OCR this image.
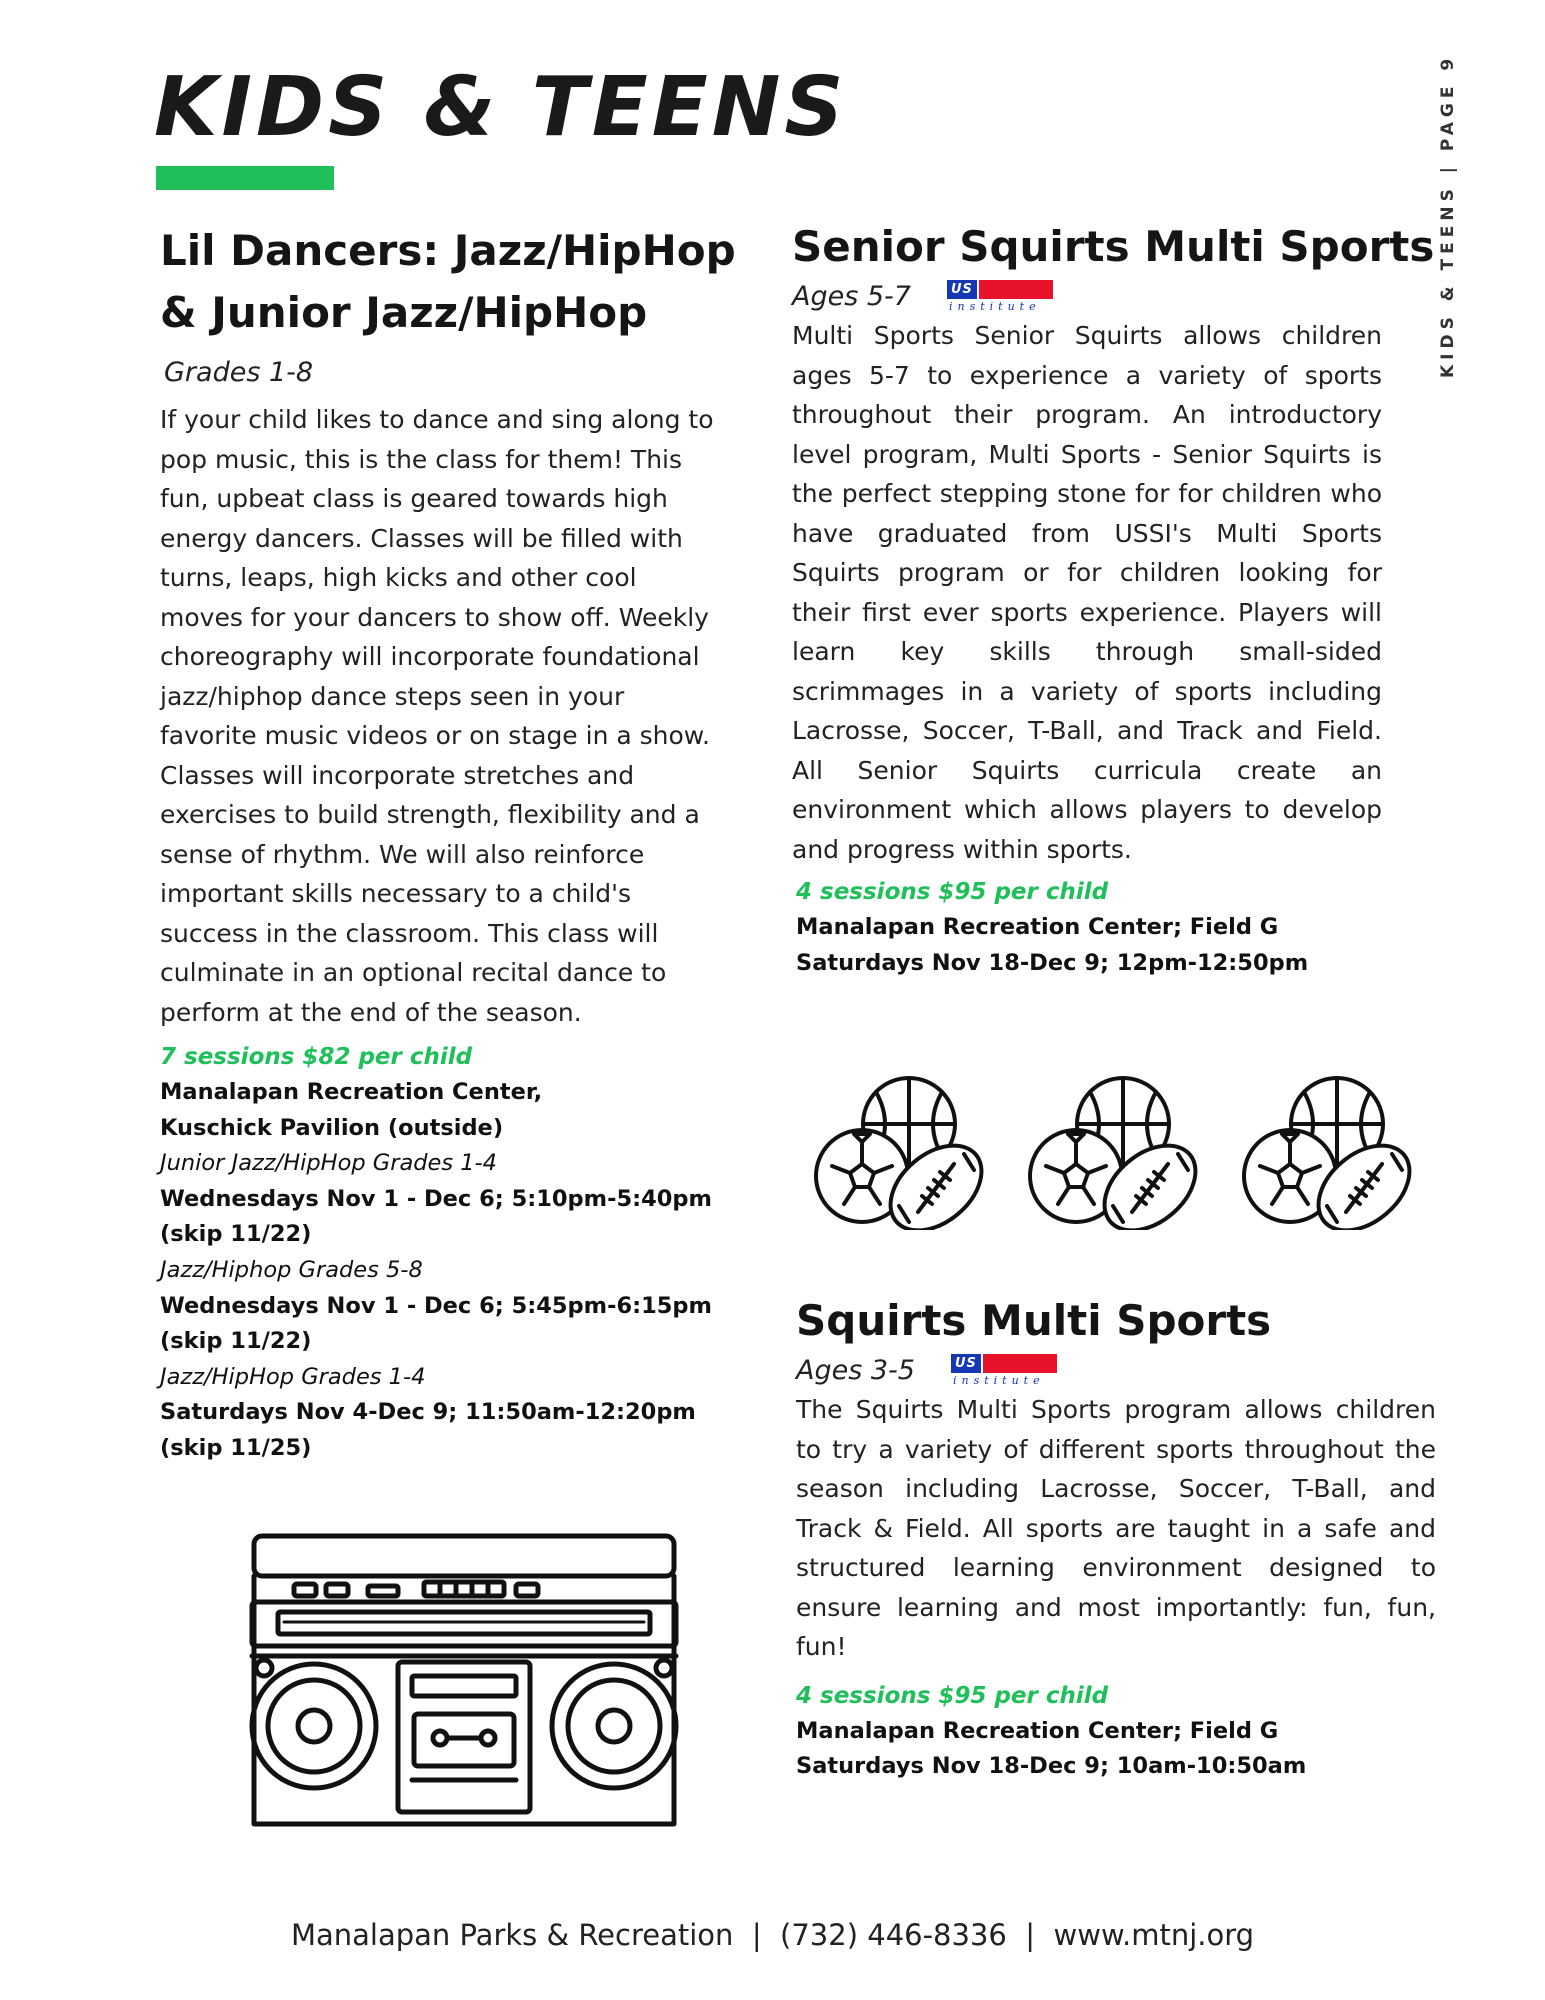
KIDS & TEENS	KIDS & TEENS | PAGE 9
Lil Dancers: Jazz/HipHop
& Junior Jazz/HipHop
Grades 1-8

If your child likes to dance and sing along to pop music, this is the class for them! This fun, upbeat class is geared towards high energy dancers. Classes will be filled with turns, leaps, high kicks and other cool moves for your dancers to show off. Weekly choreography will incorporate foundational jazz/hiphop dance steps seen in your favorite music videos or on stage in a show. Classes will incorporate stretches and exercises to build strength, flexibility and a sense of rhythm. We will also reinforce important skills necessary to a child's success in the classroom. This class will culminate in an optional recital dance to perform at the end of the season.

7 sessions $82 per child
Manalapan Recreation Center,
Kuschick Pavilion (outside)
Junior Jazz/HipHop Grades 1-4
Wednesdays Nov 1 - Dec 6; 5:10pm-5:40pm
(skip 11/22)
Jazz/Hiphop Grades 5-8
Wednesdays Nov 1 - Dec 6; 5:45pm-6:15pm
(skip 11/22)
Jazz/HipHop Grades 1-4
Saturdays Nov 4-Dec 9; 11:50am-12:20pm
(skip 11/25)
Senior Squirts Multi Sports
Ages 5-7	US
institute

Multi Sports Senior Squirts allows children ages 5-7 to experience a variety of sports throughout their program. An introductory level program, Multi Sports - Senior Squirts is the perfect stepping stone for for children who have graduated from USSI's Multi Sports Squirts program or for children looking for their first ever sports experience. Players will learn key skills through small-sided scrimmages in a variety of sports including Lacrosse, Soccer, T-Ball, and Track and Field. All Senior Squirts curricula create an environment which allows players to develop and progress within sports.

4 sessions $95 per child
Manalapan Recreation Center; Field G
Saturdays Nov 18-Dec 9; 12pm-12:50pm
Squirts Multi Sports
Ages 3-5	US
institute

The Squirts Multi Sports program allows children to try a variety of different sports throughout the season including Lacrosse, Soccer, T-Ball, and Track & Field. All sports are taught in a safe and structured learning environment designed to ensure learning and most importantly: fun, fun, fun!

4 sessions $95 per child
Manalapan Recreation Center; Field G
Saturdays Nov 18-Dec 9; 10am-10:50am
Manalapan Parks & Recreation  |  (732) 446-8336  |  www.mtnj.org
